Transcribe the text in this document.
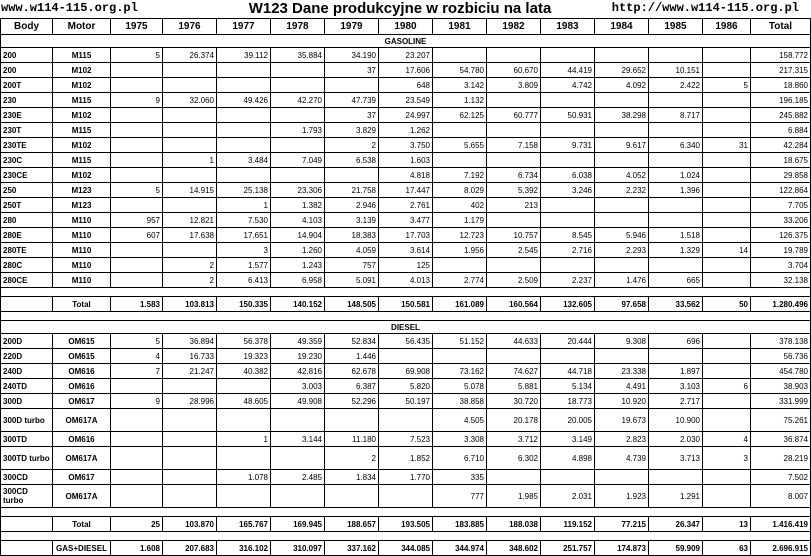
www.w114-115.org.pl	http://www.w114-115.org.pl
W123 Dane produkcyjne w rozbiciu na lata
Body	Motor	1975	1976	1977	1978	1979	1980	1981	1982	1983	1984	1985	1986	Total
GASOLINE														
200	M115	5	26.374	39.112	35.884	34.190	23.207							158.772
200	M102					37	17.606	54.780	60.670	44.419	29.652	10.151		217.315
200T	M102						648	3.142	3.809	4.742	4.092	2.422	5	18.860
230	M115	9	32.060	49.426	42.270	47.739	23.549	1.132						196.185
230E	M102					37	24.997	62.125	60.777	50.931	38.298	8.717		245.882
230T	M115				1.793	3.829	1.262							6.884
230TE	M102					2	3.750	5.655	7.158	9.731	9.617	6.340	31	42.284
230C	M115		1	3.484	7.049	6.538	1.603							18.675
230CE	M102						4.818	7.192	6.734	6.038	4.052	1.024		29.858
250	M123	5	14.915	25.138	23.306	21.758	17.447	8.029	5.392	3.246	2.232	1.396		122.864
250T	M123			1	1.382	2.946	2.761	402	213					7.705
280	M110	957	12.821	7.530	4.103	3.139	3.477	1.179						33.206
280E	M110	607	17.638	17.651	14.904	18.383	17.703	12.723	10.757	8.545	5.946	1.518		126.375
280TE	M110			3	1.260	4.059	3.614	1.956	2.545	2.716	2.293	1.329	14	19.789
280C	M110		2	1.577	1.243	757	125							3.704
280CE	M110		2	6.413	6.958	5.091	4.013	2.774	2.509	2.237	1.476	665		32.138

	Total	1.583	103.813	150.335	140.152	148.505	150.581	161.089	160.564	132.605	97.658	33.562	50	1.280.496

DIESEL														
200D	OM615	5	36.894	56.378	49.359	52.834	56.435	51.152	44.633	20.444	9.308	696		378.138
220D	OM615	4	16.733	19.323	19.230	1.446								56.736
240D	OM616	7	21.247	40.382	42.816	62.678	69.908	73.162	74.627	44.718	23.338	1.897		454.780
240TD	OM616				3.003	6.387	5.820	5.078	5.881	5.134	4.491	3.103	6	38.903
300D	OM617	9	28.996	48.605	49.908	52.296	50.197	38.858	30.720	18.773	10.920	2.717		331.999
300D turbo	OM617A							4.505	20.178	20.005	19.673	10.900		75.261
300TD	OM616			1	3.144	11.180	7.523	3.308	3.712	3.149	2.823	2.030	4	36.874
300TD turbo	OM617A					2	1.852	6.710	6.302	4.898	4.739	3.713	3	28.219
300CD	OM617			1.078	2.485	1.834	1.770	335						7.502
300CD turbo	OM617A							777	1.985	2.031	1.923	1.291		8.007

	Total	25	103.870	165.767	169.945	188.657	193.505	183.885	188.038	119.152	77.215	26.347	13	1.416.419

	GAS+DIESEL	1.608	207.683	316.102	310.097	337.162	344.085	344.974	348.602	251.757	174.873	59.909	63	2.696.915
